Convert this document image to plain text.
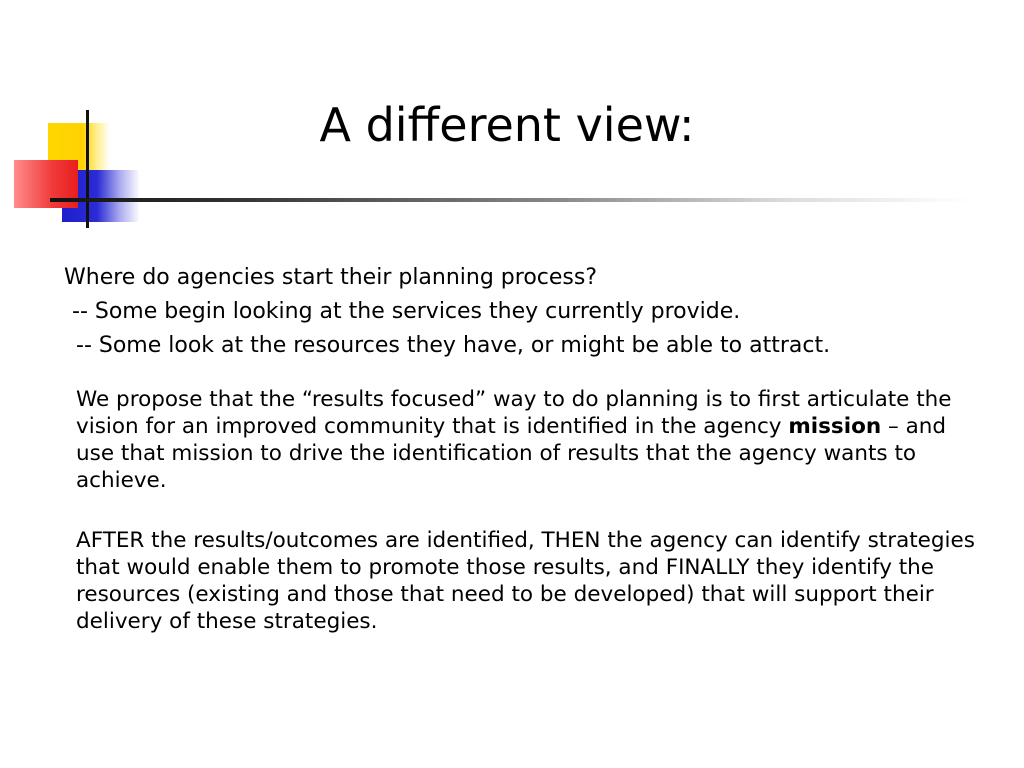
A different view:

Where do agencies start their planning process?

-- Some begin looking at the services they currently provide.

-- Some look at the resources they have, or might be able to attract.

We propose that the “results focused” way to do planning is to first articulate the vision for an improved community that is identified in the agency mission – and use that mission to drive the identification of results that the agency wants to achieve.

AFTER the results/outcomes are identified, THEN the agency can identify strategies that would enable them to promote those results, and FINALLY they identify the resources (existing and those that need to be developed) that will support their delivery of these strategies.
